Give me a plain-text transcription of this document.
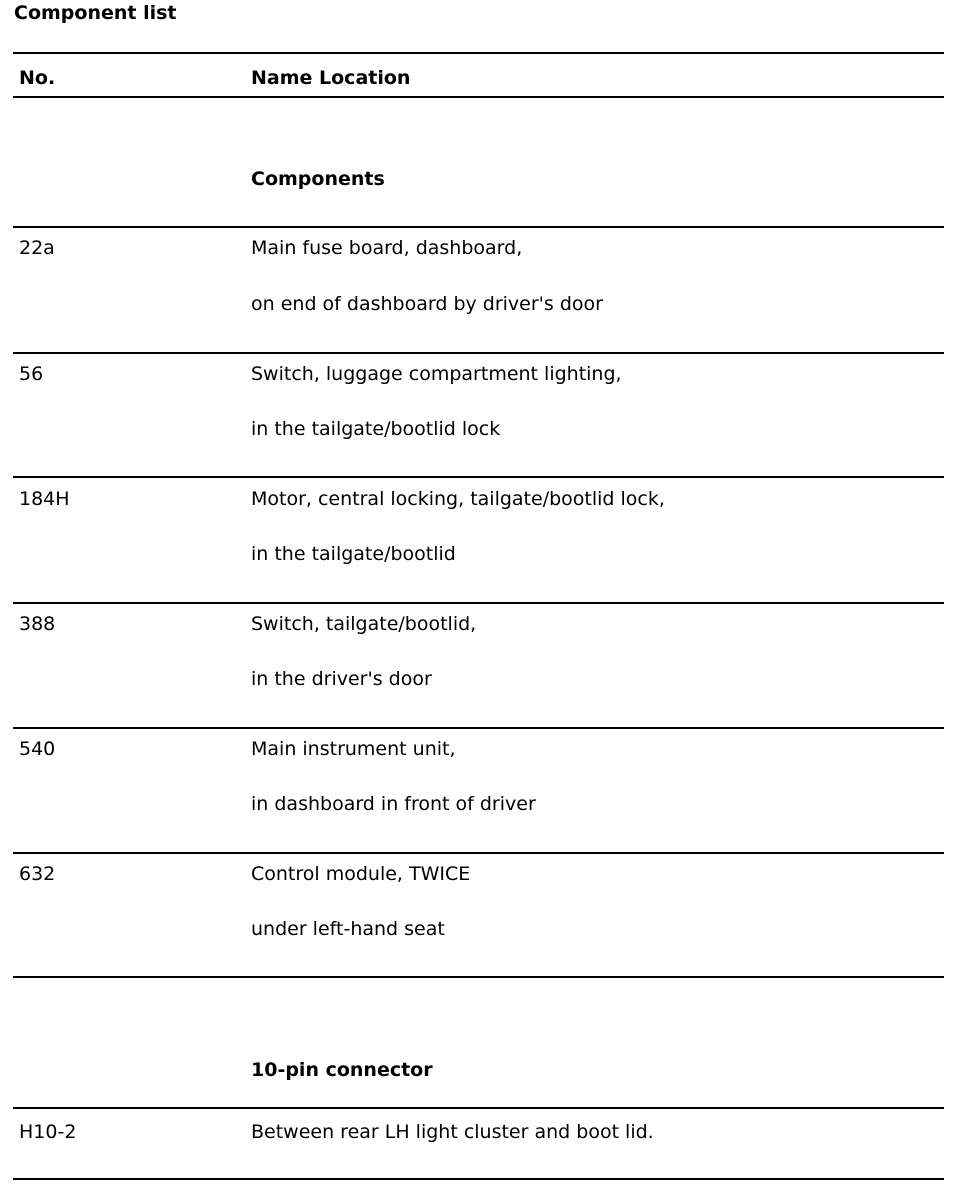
Component list
No.	Name Location
Components
22a	Main fuse board, dashboard,
on end of dashboard by driver's door
56	Switch, luggage compartment lighting,
in the tailgate/bootlid lock
184H	Motor, central locking, tailgate/bootlid lock,
in the tailgate/bootlid
388	Switch, tailgate/bootlid,
in the driver's door
540	Main instrument unit,
in dashboard in front of driver
632	Control module, TWICE
under left-hand seat
10-pin connector
H10-2	Between rear LH light cluster and boot lid.
